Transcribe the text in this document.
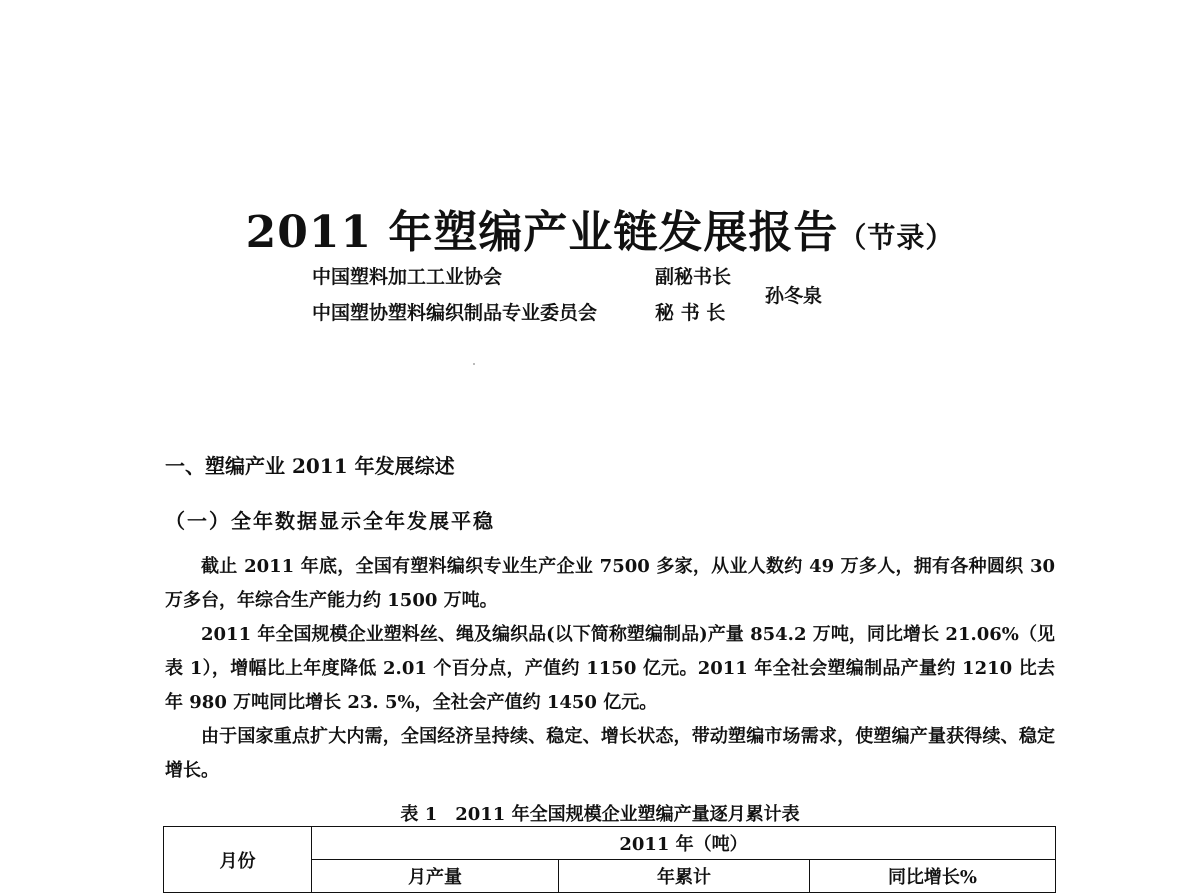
2011 年塑编产业链发展报告（节录）
中国塑料加工工业协会	副秘书长
中国塑协塑料编织制品专业委员会	秘 书 长
孙冬泉
一、塑编产业 2011 年发展综述
（一）全年数据显示全年发展平稳
截止 2011 年底，全国有塑料编织专业生产企业 7500 多家，从业人数约 49 万多人，拥有各种圆织 30 万多台，年综合生产能力约 1500 万吨。
2011 年全国规模企业塑料丝、绳及编织品(以下简称塑编制品)产量 854.2 万吨，同比增长 21.06%（见表 1），增幅比上年度降低 2.01 个百分点，产值约 1150 亿元。2011 年全社会塑编制品产量约 1210 比去年 980 万吨同比增长 23. 5%，全社会产值约 1450 亿元。
由于国家重点扩大内需，全国经济呈持续、稳定、增长状态，带动塑编市场需求，使塑编产量获得续、稳定增长。
表 1　2011 年全国规模企业塑编产量逐月累计表
月份	2011 年（吨）		
	月产量	年累计	同比增长%
